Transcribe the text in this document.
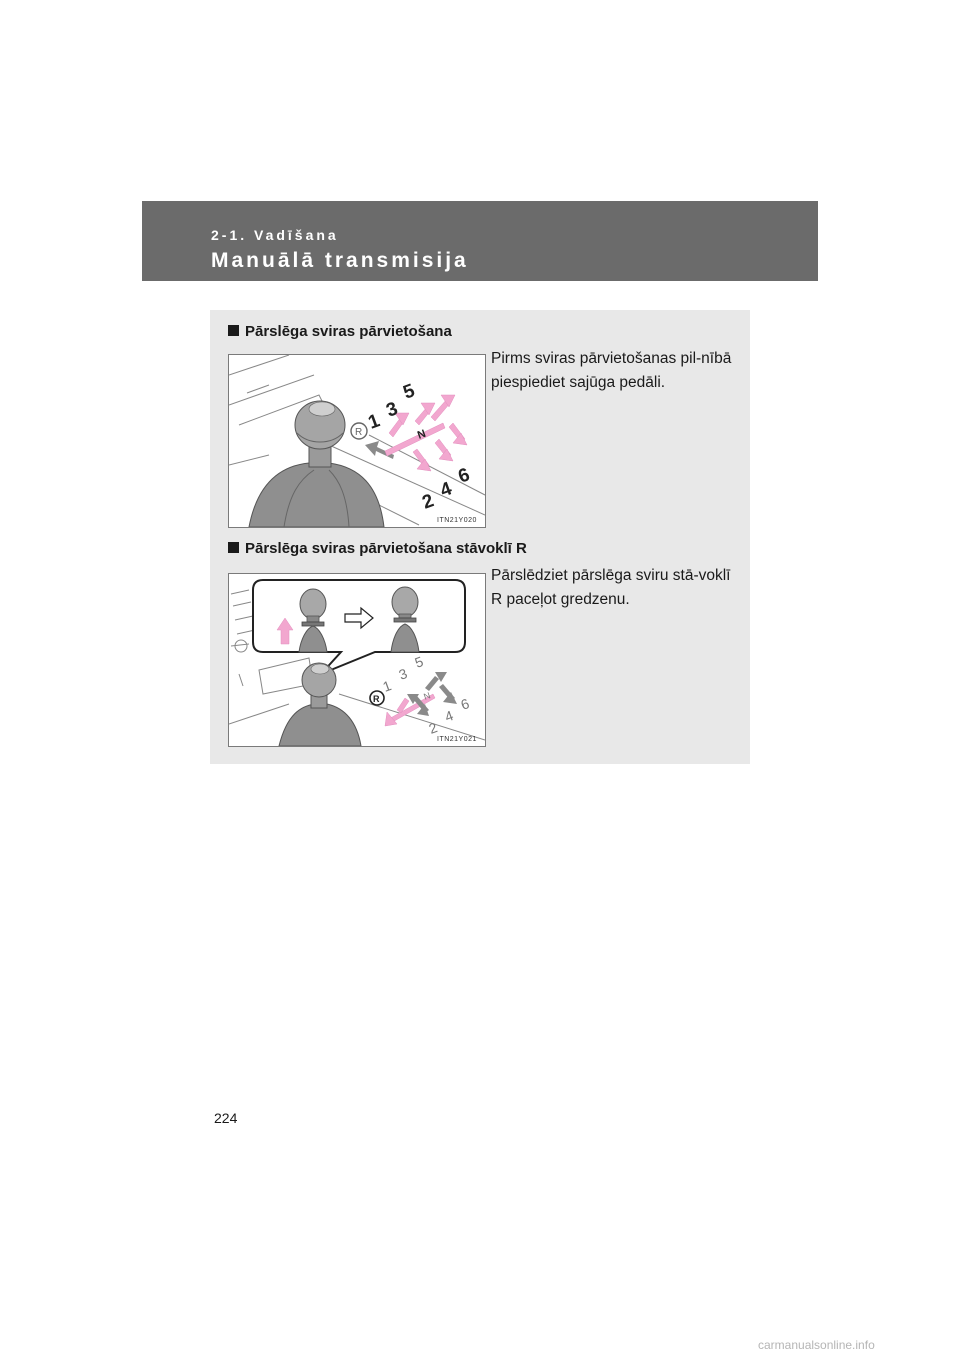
2-1. Vadīšana
Manuālā transmisija
Pārslēga sviras pārvietošana
Pirms sviras pārvietošanas pil-nībā piespiediet sajūga pedāli.
R 1
3
5
2
4
6
N
ITN21Y020
Pārslēga sviras pārvietošana stāvoklī R
Pārslēdziet pārslēga sviru stā-voklī R paceļot gredzenu.
R
1
3
5
2
4
6
N
ITN21Y021
224
carmanualsonline.info
